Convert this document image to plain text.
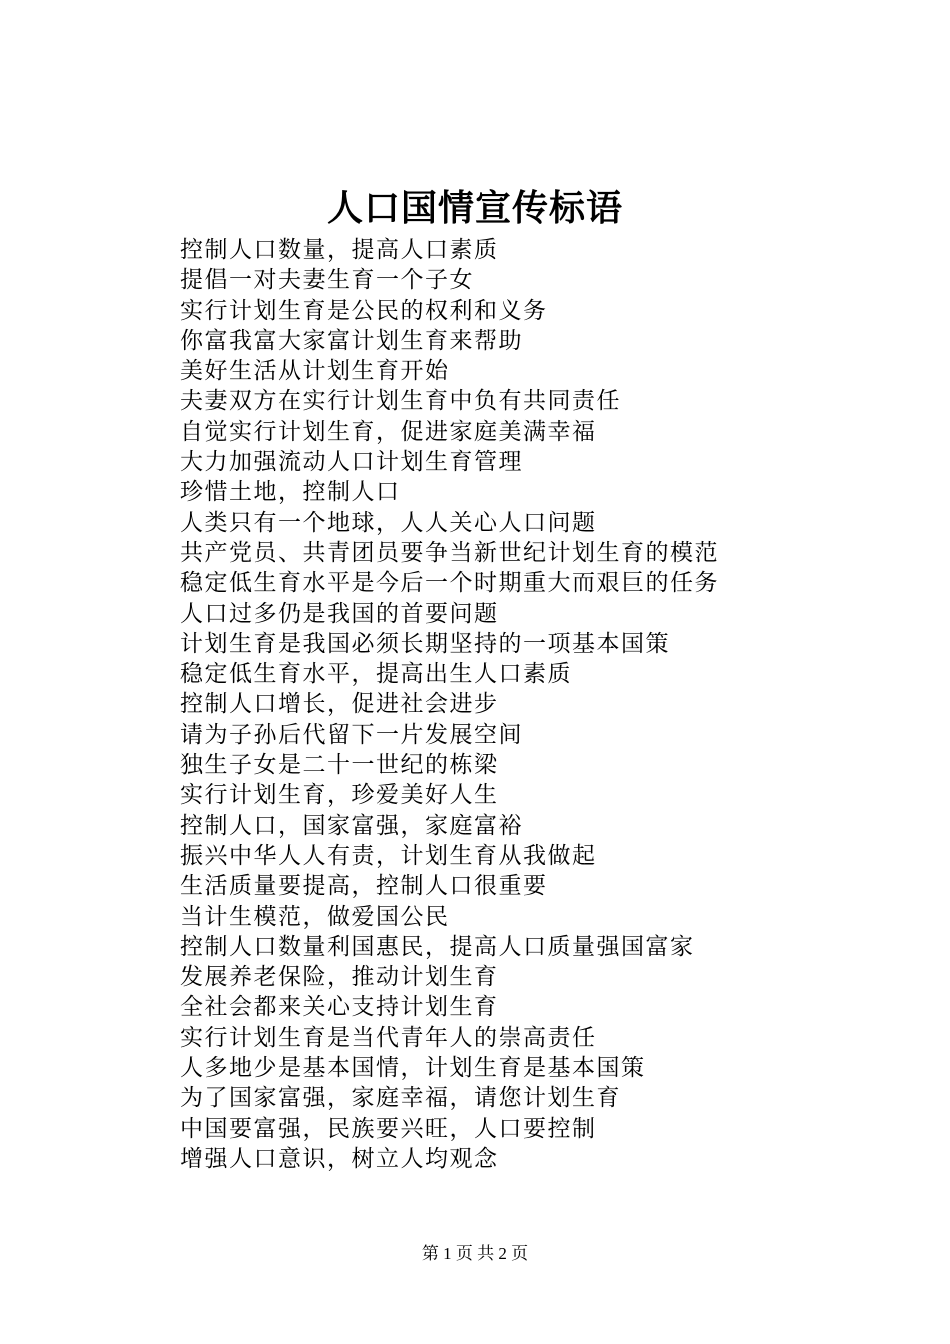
人口国情宣传标语
控制人口数量，提高人口素质
提倡一对夫妻生育一个子女
实行计划生育是公民的权利和义务
你富我富大家富计划生育来帮助
美好生活从计划生育开始
夫妻双方在实行计划生育中负有共同责任
自觉实行计划生育，促进家庭美满幸福
大力加强流动人口计划生育管理
珍惜土地，控制人口
人类只有一个地球，人人关心人口问题
共产党员、共青团员要争当新世纪计划生育的模范
稳定低生育水平是今后一个时期重大而艰巨的任务
人口过多仍是我国的首要问题
计划生育是我国必须长期坚持的一项基本国策
稳定低生育水平，提高出生人口素质
控制人口增长，促进社会进步
请为子孙后代留下一片发展空间
独生子女是二十一世纪的栋梁
实行计划生育，珍爱美好人生
控制人口，国家富强，家庭富裕
振兴中华人人有责，计划生育从我做起
生活质量要提高，控制人口很重要
当计生模范，做爱国公民
控制人口数量利国惠民，提高人口质量强国富家
发展养老保险，推动计划生育
全社会都来关心支持计划生育
实行计划生育是当代青年人的崇高责任
人多地少是基本国情，计划生育是基本国策
为了国家富强，家庭幸福，请您计划生育
中国要富强，民族要兴旺，人口要控制
增强人口意识，树立人均观念
第 1 页 共 2 页
